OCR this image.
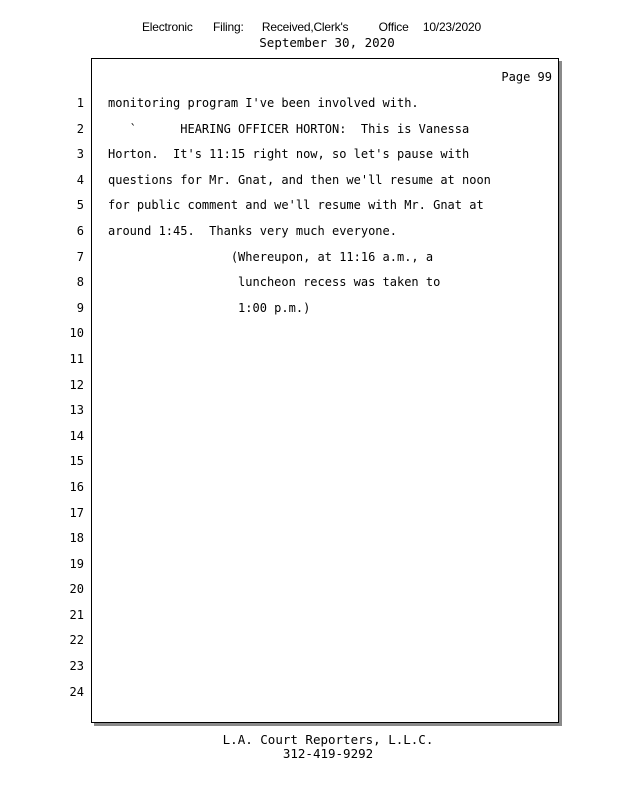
Electronic Filing: Received,Clerk's	Office 10/23/2020
September 30, 2020
Page 99
1
2
3
4
5
6
7
8
9
10
11
12
13
14
15
16
17
18
19
20
21
22
23
24
monitoring program I've been involved with.
`      HEARING OFFICER HORTON:  This is Vanessa
Horton.  It's 11:15 right now, so let's pause with
questions for Mr. Gnat, and then we'll resume at noon
for public comment and we'll resume with Mr. Gnat at
around 1:45.  Thanks very much everyone.
(Whereupon, at 11:16 a.m., a
luncheon recess was taken to
1:00 p.m.)
L.A. Court Reporters, L.L.C.
312-419-9292
